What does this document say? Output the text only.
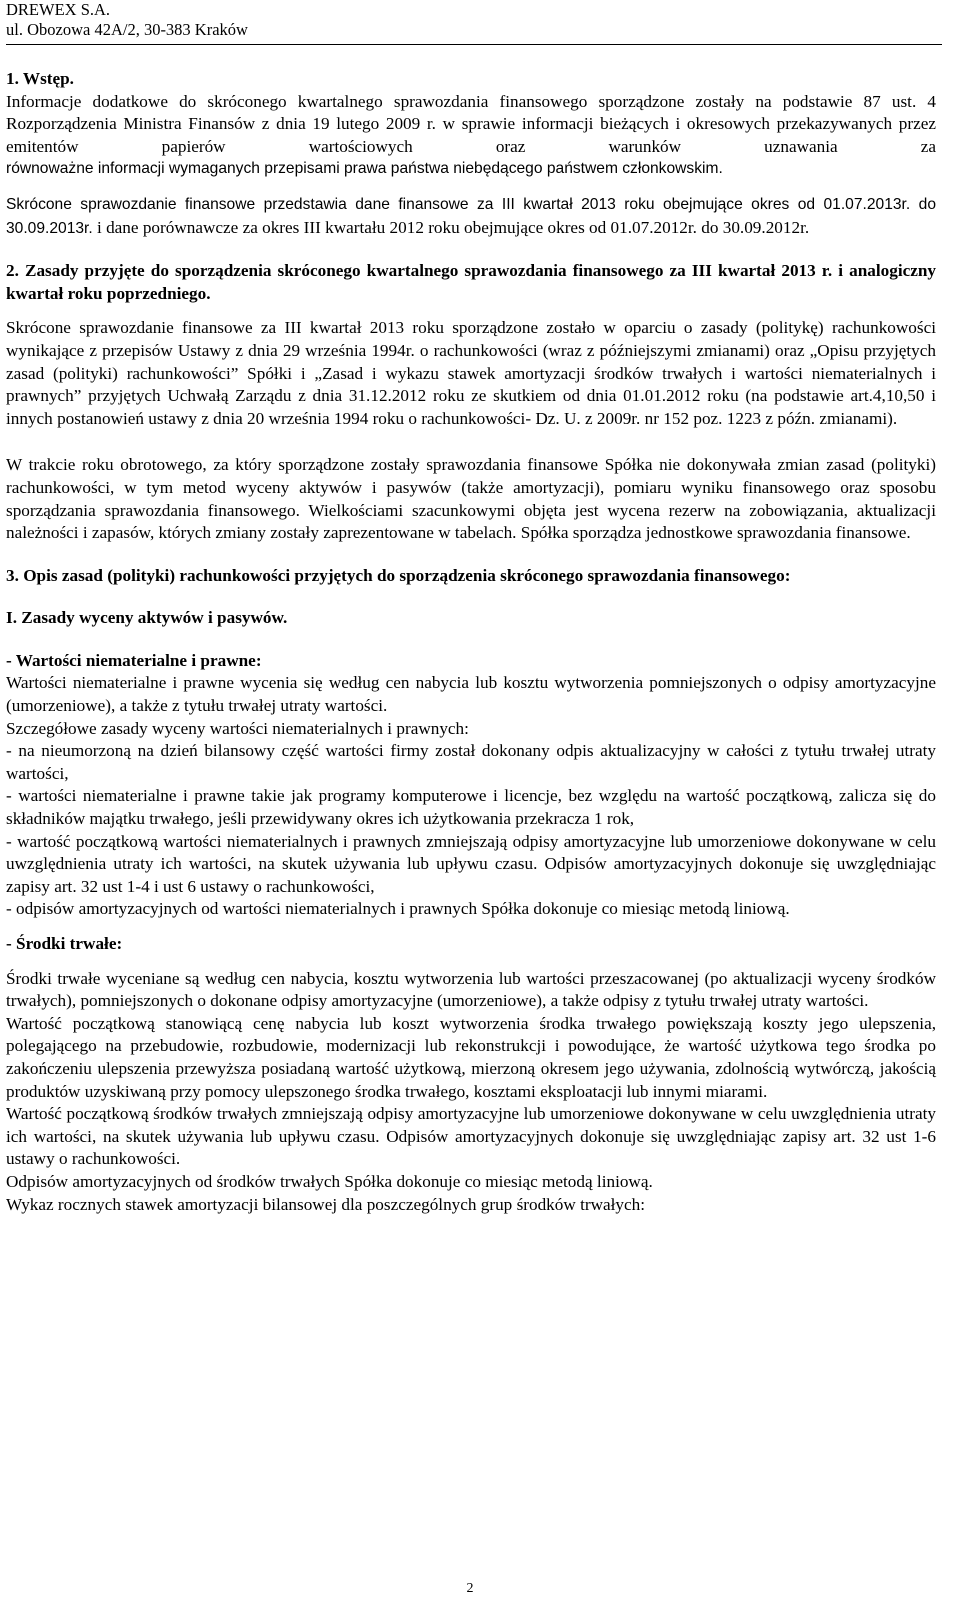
DREWEX S.A.
ul. Obozowa 42A/2, 30-383 Kraków

1. Wstęp.

Informacje dodatkowe do skróconego kwartalnego sprawozdania finansowego sporządzone zostały na podstawie 87 ust. 4 Rozporządzenia Ministra Finansów z dnia 19 lutego 2009 r. w sprawie informacji bieżących i okresowych przekazywanych przez emitentów papierów wartościowych oraz warunków uznawania za

równoważne informacji wymaganych przepisami prawa państwa niebędącego państwem członkowskim.

Skrócone sprawozdanie finansowe przedstawia dane finansowe za III kwartał 2013 roku obejmujące okres od 01.07.2013r. do 30.09.2013r. i dane porównawcze za okres III kwartału 2012 roku obejmujące okres od 01.07.2012r. do 30.09.2012r.

2. Zasady przyjęte do sporządzenia skróconego kwartalnego sprawozdania finansowego za III kwartał 2013 r. i analogiczny kwartał roku poprzedniego.

Skrócone sprawozdanie finansowe za III kwartał 2013 roku sporządzone zostało w oparciu o zasady (politykę) rachunkowości wynikające z przepisów Ustawy z dnia 29 września 1994r. o rachunkowości (wraz z późniejszymi zmianami) oraz „Opisu przyjętych zasad (polityki) rachunkowości” Spółki i „Zasad i wykazu stawek amortyzacji środków trwałych i wartości niematerialnych i prawnych” przyjętych Uchwałą Zarządu z dnia 31.12.2012 roku ze skutkiem od dnia 01.01.2012 roku (na podstawie art.4,10,50 i innych postanowień ustawy z dnia 20 września 1994 roku o rachunkowości- Dz. U. z 2009r. nr 152 poz. 1223 z późn. zmianami).

W trakcie roku obrotowego, za który sporządzone zostały sprawozdania finansowe Spółka nie dokonywała zmian zasad (polityki) rachunkowości, w tym metod wyceny aktywów i pasywów (także amortyzacji), pomiaru wyniku finansowego oraz sposobu sporządzania sprawozdania finansowego. Wielkościami szacunkowymi objęta jest wycena rezerw na zobowiązania, aktualizacji należności i zapasów, których zmiany zostały zaprezentowane w tabelach. Spółka sporządza jednostkowe sprawozdania finansowe.

3. Opis zasad (polityki) rachunkowości przyjętych do sporządzenia skróconego sprawozdania finansowego:

I. Zasady wyceny aktywów i pasywów.

- Wartości niematerialne i prawne:

Wartości niematerialne i prawne wycenia się według cen nabycia lub kosztu wytworzenia pomniejszonych o odpisy amortyzacyjne (umorzeniowe), a także z tytułu trwałej utraty wartości.

Szczegółowe zasady wyceny wartości niematerialnych i prawnych:

- na nieumorzoną na dzień bilansowy część wartości firmy został dokonany odpis aktualizacyjny w całości z tytułu trwałej utraty wartości,

- wartości niematerialne i prawne takie jak programy komputerowe i licencje, bez względu na wartość początkową, zalicza się do składników majątku trwałego, jeśli przewidywany okres ich użytkowania przekracza 1 rok,

- wartość początkową wartości niematerialnych i prawnych zmniejszają odpisy amortyzacyjne lub umorzeniowe dokonywane w celu uwzględnienia utraty ich wartości, na skutek używania lub upływu czasu. Odpisów amortyzacyjnych dokonuje się uwzględniając zapisy art. 32 ust 1-4 i ust 6 ustawy o rachunkowości,

- odpisów amortyzacyjnych od wartości niematerialnych i prawnych Spółka dokonuje co miesiąc metodą liniową.

- Środki trwałe:

Środki trwałe wyceniane są według cen nabycia, kosztu wytworzenia lub wartości przeszacowanej (po aktualizacji wyceny środków trwałych), pomniejszonych o dokonane odpisy amortyzacyjne (umorzeniowe), a także odpisy z tytułu trwałej utraty wartości.

Wartość początkową stanowiącą cenę nabycia lub koszt wytworzenia środka trwałego powiększają koszty jego ulepszenia, polegającego na przebudowie, rozbudowie, modernizacji lub rekonstrukcji i powodujące, że wartość użytkowa tego środka po zakończeniu ulepszenia przewyższa posiadaną wartość użytkową, mierzoną okresem jego używania, zdolnością wytwórczą, jakością produktów uzyskiwaną przy pomocy ulepszonego środka trwałego, kosztami eksploatacji lub innymi miarami.

Wartość początkową środków trwałych zmniejszają odpisy amortyzacyjne lub umorzeniowe dokonywane w celu uwzględnienia utraty ich wartości, na skutek używania lub upływu czasu. Odpisów amortyzacyjnych dokonuje się uwzględniając zapisy art. 32 ust 1-6 ustawy o rachunkowości.

Odpisów amortyzacyjnych od środków trwałych Spółka dokonuje co miesiąc metodą liniową.

Wykaz rocznych stawek amortyzacji bilansowej dla poszczególnych grup środków trwałych:

2
